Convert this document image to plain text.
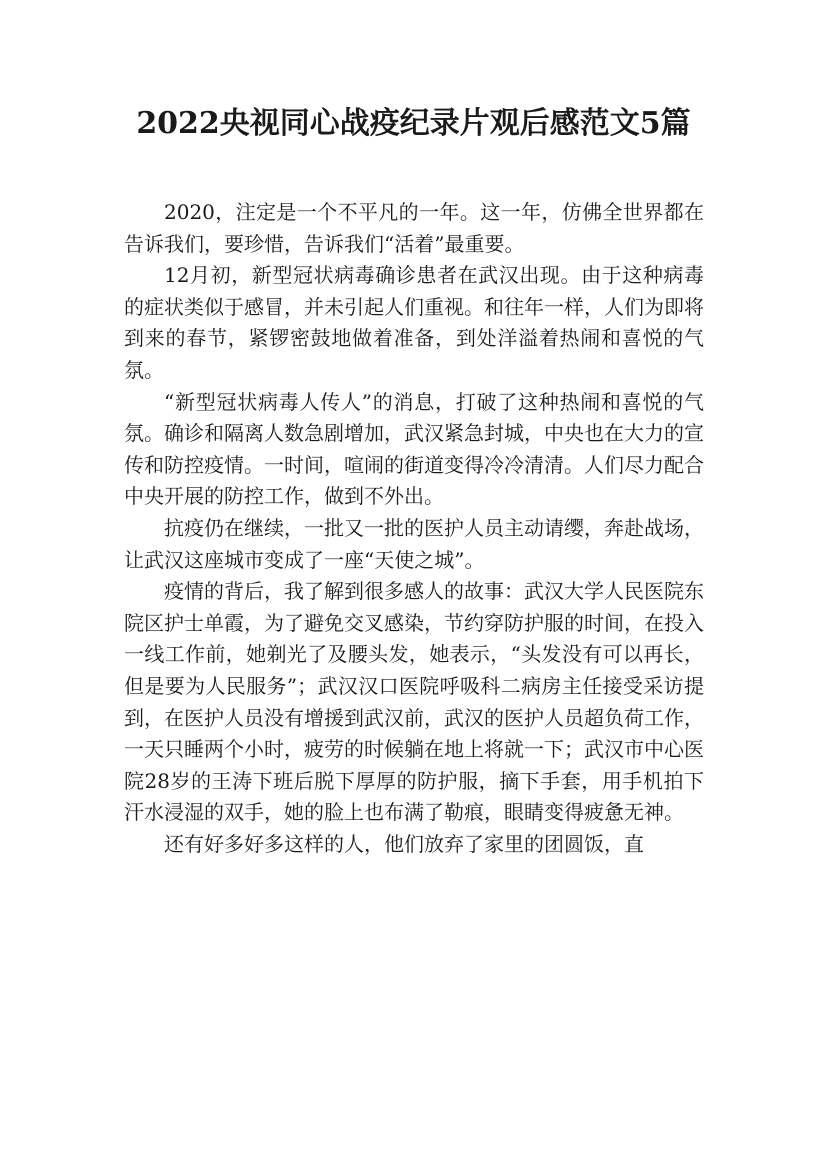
2022央视同心战疫纪录片观后感范文5篇

2020，注定是一个不平凡的一年。这一年，仿佛全世界都在告诉我们，要珍惜，告诉我们“活着”最重要。

12月初，新型冠状病毒确诊患者在武汉出现。由于这种病毒的症状类似于感冒，并未引起人们重视。和往年一样，人们为即将到来的春节，紧锣密鼓地做着准备，到处洋溢着热闹和喜悦的气氛。

“新型冠状病毒人传人”的消息，打破了这种热闹和喜悦的气氛。确诊和隔离人数急剧增加，武汉紧急封城，中央也在大力的宣传和防控疫情。一时间，喧闹的街道变得冷冷清清。人们尽力配合中央开展的防控工作，做到不外出。

抗疫仍在继续，一批又一批的医护人员主动请缨，奔赴战场，让武汉这座城市变成了一座“天使之城”。

疫情的背后，我了解到很多感人的故事：武汉大学人民医院东院区护士单霞，为了避免交叉感染，节约穿防护服的时间，在投入一线工作前，她剃光了及腰头发，她表示，“头发没有可以再长，但是要为人民服务”；武汉汉口医院呼吸科二病房主任接受采访提到，在医护人员没有增援到武汉前，武汉的医护人员超负荷工作，一天只睡两个小时，疲劳的时候躺在地上将就一下；武汉市中心医院28岁的王涛下班后脱下厚厚的防护服，摘下手套，用手机拍下汗水浸湿的双手，她的脸上也布满了勒痕，眼睛变得疲惫无神。

还有好多好多这样的人，他们放弃了家里的团圆饭，直
